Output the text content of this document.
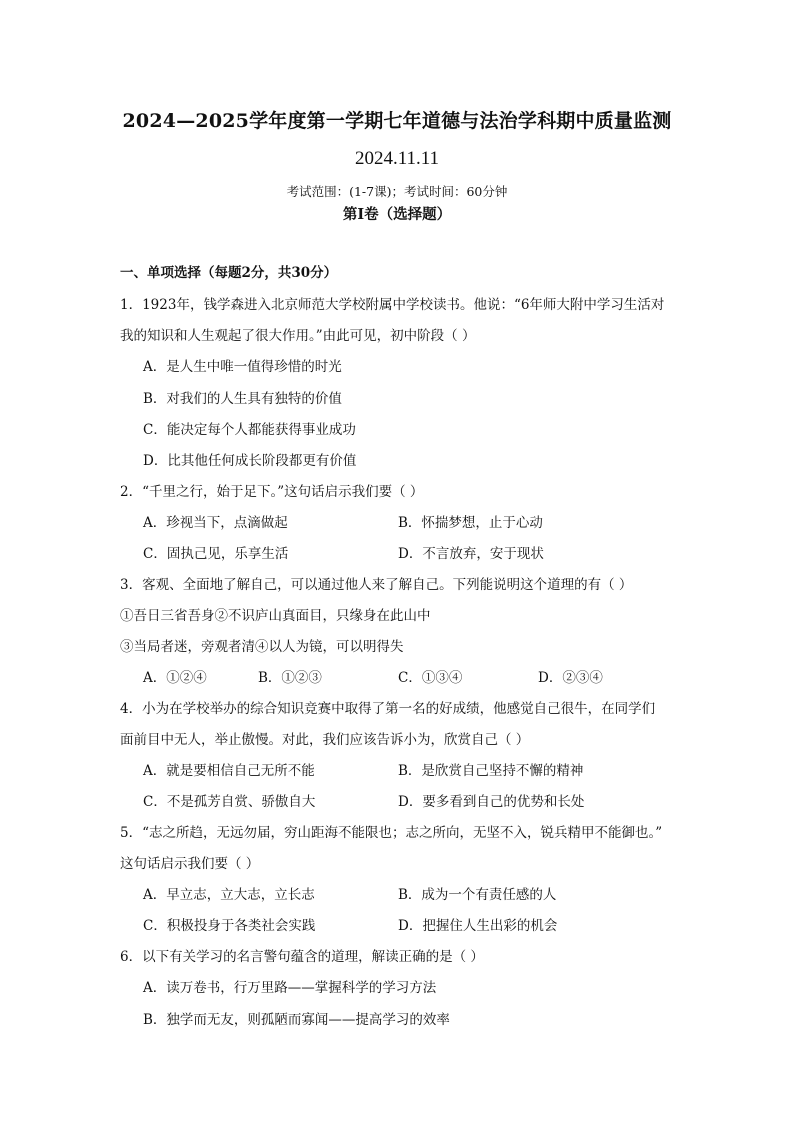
2024—2025学年度第一学期七年道德与法治学科期中质量监测
2024.11.11
考试范围：(1-7课)；考试时间：60分钟
第Ⅰ卷（选择题）
一、单项选择（每题2分，共30分）
1．1923年，钱学森进入北京师范大学校附属中学校读书。他说：“6年师大附中学习生活对
我的知识和人生观起了很大作用。”由此可见，初中阶段（ ）
A．是人生中唯一值得珍惜的时光
B．对我们的人生具有独特的价值
C．能决定每个人都能获得事业成功
D．比其他任何成长阶段都更有价值
2．“千里之行，始于足下。”这句话启示我们要（ ）
A．珍视当下，点滴做起	B．怀揣梦想，止于心动
C．固执己见，乐享生活	D．不言放弃，安于现状
3．客观、全面地了解自己，可以通过他人来了解自己。下列能说明这个道理的有（ ）
①吾日三省吾身②不识庐山真面目，只缘身在此山中
③当局者迷，旁观者清④以人为镜，可以明得失
A．①②④	B．①②③	C．①③④	D．②③④
4．小为在学校举办的综合知识竞赛中取得了第一名的好成绩，他感觉自己很牛，在同学们
面前目中无人，举止傲慢。对此，我们应该告诉小为，欣赏自己（ ）
A．就是要相信自己无所不能	B．是欣赏自己坚持不懈的精神
C．不是孤芳自赏、骄傲自大	D．要多看到自己的优势和长处
5．“志之所趋，无远勿届，穷山距海不能限也；志之所向，无坚不入，锐兵精甲不能御也。”
这句话启示我们要（ ）
A．早立志，立大志，立长志	B．成为一个有责任感的人
C．积极投身于各类社会实践	D．把握住人生出彩的机会
6．以下有关学习的名言警句蕴含的道理，解读正确的是（ ）
A．读万卷书，行万里路——掌握科学的学习方法
B．独学而无友，则孤陋而寡闻——提高学习的效率
